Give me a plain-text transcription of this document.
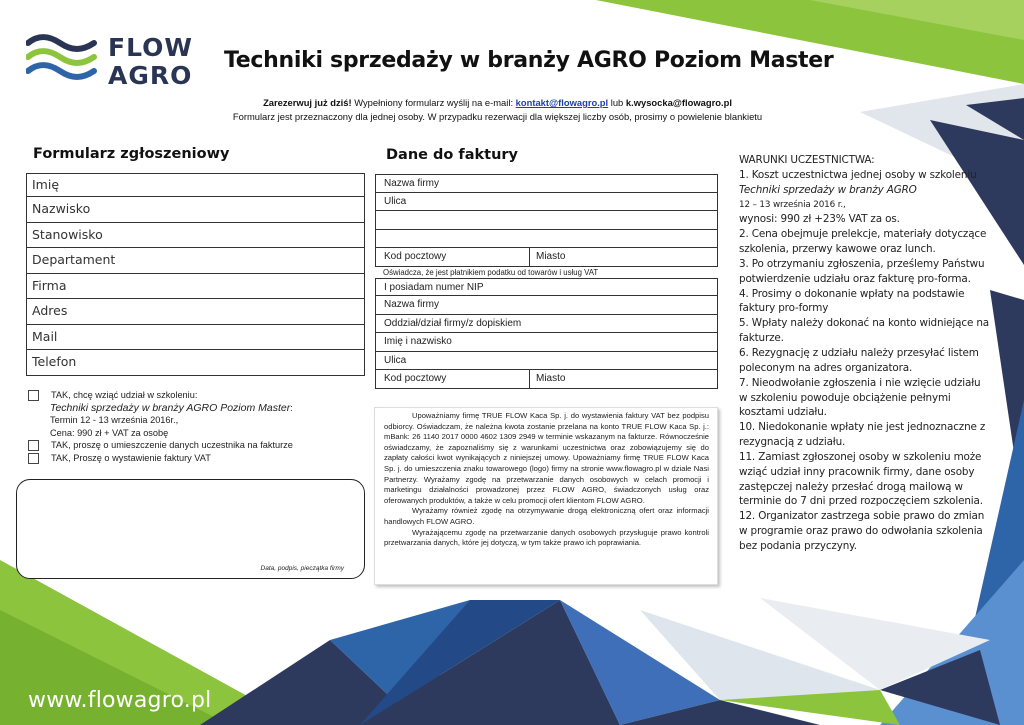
FLOW
AGRO
Techniki sprzedaży w branży AGRO Poziom Master
Zarezerwuj już dziś! Wypełniony formularz wyślij na e-mail: kontakt@flowagro.pl lub k.wysocka@flowagro.pl
Formularz jest przeznaczony dla jednej osoby. W przypadku rezerwacji dla większej liczby osób, prosimy o powielenie blankietu
Formularz zgłoszeniowy
Imię
Nazwisko
Stanowisko
Departament
Firma
Adres
Mail
Telefon
TAK, chcę wziąć udział w szkoleniu:
Techniki sprzedaży w branży AGRO Poziom Master:
Termin 12 - 13 września 2016r.,
Cena: 990 zł + VAT za osobę
TAK, proszę o umieszczenie danych uczestnika na fakturze
TAK, Proszę o wystawienie faktury VAT
Data, podpis, pieczątka firmy
Dane do faktury
Nazwa firmy
Ulica
Kod pocztowy	Miasto
Oświadcza, że jest płatnikiem podatku od towarów i usług VAT
I posiadam numer NIP
Nazwa firmy
Oddział/dział firmy/z dopiskiem
Imię i nazwisko
Ulica
Kod pocztowy	Miasto

Upoważniamy firmę TRUE FLOW Kaca Sp. j. do wystawienia faktury VAT bez podpisu odbiorcy. Oświadczam, że należna kwota zostanie przelana na konto TRUE FLOW Kaca Sp. j.: mBank: 26 1140 2017 0000 4602 1309 2949 w terminie wskazanym na fakturze. Równocześnie oświadczamy, że zapoznaliśmy się z warunkami uczestnictwa oraz zobowiązujemy się do zapłaty całości kwot wynikających z niniejszej umowy. Upoważniamy firmę TRUE FLOW Kaca Sp. j. do umieszczenia znaku towarowego (logo) firmy na stronie www.flowagro.pl w dziale Nasi Partnerzy. Wyrażamy zgodę na przetwarzanie danych osobowych w celach promocji i marketingu działalności prowadzonej przez FLOW AGRO, świadczonych usług oraz oferowanych produktów, a także w celu promocji ofert klientom FLOW AGRO.

Wyrażamy również zgodę na otrzymywanie drogą elektroniczną ofert oraz informacji handlowych FLOW AGRO.

Wyrażającemu zgodę na przetwarzanie danych osobowych przysługuje prawo kontroli przetwarzania danych, które jej dotyczą, w tym także prawo ich poprawiania.

WARUNKI UCZESTNICTWA:
1. Koszt uczestnictwa jednej osoby w szkoleniu
Techniki sprzedaży w branży AGRO
12 – 13 września 2016 r.,
wynosi: 990 zł +23% VAT za os.
2. Cena obejmuje prelekcje, materiały dotyczące szkolenia, przerwy kawowe oraz lunch.
3. Po otrzymaniu zgłoszenia, prześlemy Państwu potwierdzenie udziału oraz fakturę pro-forma.
4. Prosimy o dokonanie wpłaty na podstawie faktury pro-formy
5. Wpłaty należy dokonać na konto widniejące na fakturze.
6. Rezygnację z udziału należy przesyłać listem poleconym na adres organizatora.
7. Nieodwołanie zgłoszenia i nie wzięcie udziału w szkoleniu powoduje obciążenie pełnymi kosztami udziału.
10. Niedokonanie wpłaty nie jest jednoznaczne z rezygnacją z udziału.
11. Zamiast zgłoszonej osoby w szkoleniu może wziąć udział inny pracownik firmy, dane osoby zastępczej należy przesłać drogą mailową w terminie do 7 dni przed rozpoczęciem szkolenia.
12. Organizator zastrzega sobie prawo do zmian w programie oraz prawo do odwołania szkolenia bez podania przyczyny.
www.flowagro.pl
